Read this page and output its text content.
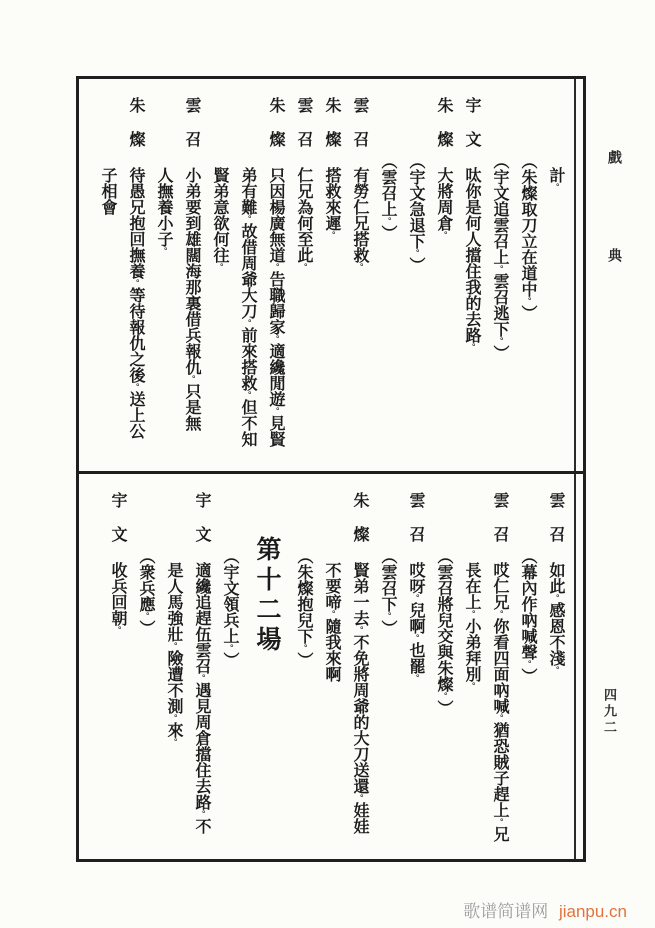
計。
（朱燦取刀立在道中。）
（宇文追雲召上。雲召逃下。）
宇文呔你是何人擋住我的去路。
朱燦大將周倉。
（宇文急退下。）
（雲召上。）
雲召有勞仁兄搭救。
朱燦搭救來遲。
雲召仁兄為何至此。
朱燦只因楊廣無道。告職歸家。適纔閒遊。見賢
弟有難。故借周爺大刀。前來搭救。但不知
賢弟意欲何往。
雲召小弟要到雄闊海那裏借兵報仇。只是無
人撫養小子。
朱燦待愚兄抱回撫養。等待報仇之後。送上公
子相會
雲召如此。感恩不淺。
（幕內作吶喊聲。）
雲召哎仁兄。你看四面吶喊。猶恐賊子趕上。兄
長在上。小弟拜別。
（雲召將兒交與朱燦。）
雲召哎呀。兒啊。也罷。
（雲召下。）
朱燦賢弟一去。不免將周爺的大刀送還。娃娃
不要啼。隨我來啊
（朱燦抱兒下。）
第十二場
（宇文領兵上。）
宇文適纔追趕伍雲召。遇見周倉擋住去路。不
是人馬強壯。險遭不測。來。
（衆兵應。）
宇文收兵回朝。
戲典
四九二
歌谱简谱网 jianpu.cn
